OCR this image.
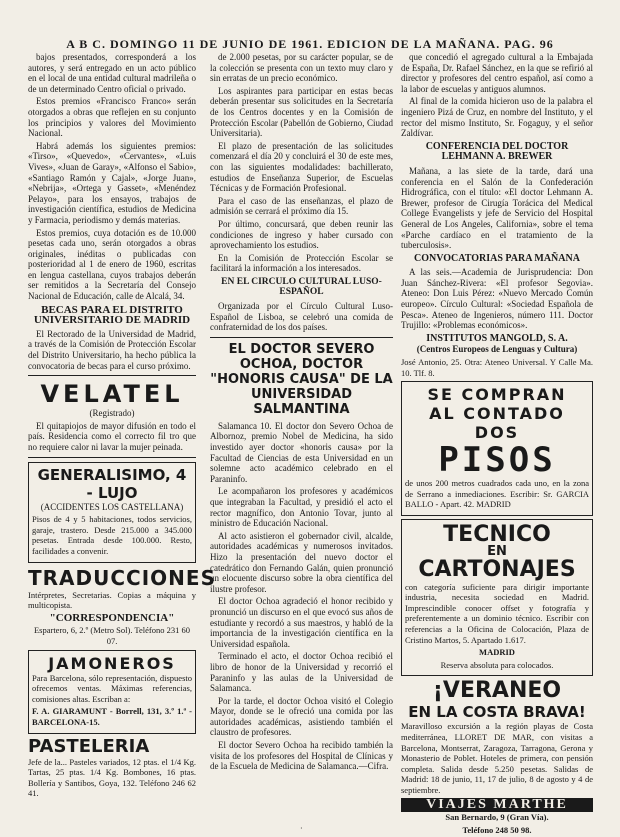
A B C. DOMINGO 11 DE JUNIO DE 1961. EDICION DE LA MAÑANA. PAG. 96

bajos presentados, corresponderá a los autores, y será entregado en un acto público en el local de una entidad cultural madrileña o de un determinado Centro oficial o privado.

Estos premios «Francisco Franco» serán otorgados a obras que reflejen en su conjunto los principios y valores del Movimiento Nacional.

Habrá además los siguientes premios: «Tirso», «Quevedo», «Cervantes», «Luis Vives», «Juan de Garay», «Alfonso el Sabio», «Santiago Ramón y Cajal», «Jorge Juan», «Nebrija», «Ortega y Gasset», «Menéndez Pelayo», para los ensayos, trabajos de investigación científica, estudios de Medicina y Farmacia, periodismo y demás materias.

Estos premios, cuya dotación es de 10.000 pesetas cada uno, serán otorgados a obras originales, inéditas o publicadas con posterioridad al 1 de enero de 1960, escritas en lengua castellana, cuyos trabajos deberán ser remitidos a la Secretaría del Consejo Nacional de Educación, calle de Alcalá, 34.

BECAS PARA EL DISTRITO UNIVERSITARIO DE MADRID

El Rectorado de la Universidad de Madrid, a través de la Comisión de Protección Escolar del Distrito Universitario, ha hecho pública la convocatoria de becas para el curso próximo.

VELATEL

(Registrado)

El quitapiojos de mayor difusión en todo el país. Residencia como el correcto fil tro que no requiere calor ni lavar la mujer peinada.

GENERALISIMO, 4 - LUJO

(ACCIDENTES LOS CASTELLANA)

Pisos de 4 y 5 habitaciones, todos servicios, garaje, trastero. Desde 215.000 a 345.000 pesetas. Entrada desde 100.000. Resto, facilidades a convenir.

TRADUCCIONES

Intérpretes, Secretarias. Copias a máquina y multicopista.

"CORRESPONDENCIA"

Espartero, 6, 2.º (Metro Sol). Teléfono 231 60 07.

JAMONEROS

Para Barcelona, sólo representación, dispuesto ofrecemos ventas. Máximas referencias, comisiones altas. Escriban a:

F. A. GIARAMUNT - Borrell, 131, 3.º 1.ª - BARCELONA-15.

PASTELERIA

Jefe de la... Pasteles variados, 12 ptas. el 1/4 Kg. Tartas, 25 ptas. 1/4 Kg. Bombones, 16 ptas. Bollería y Santibos, Goya, 132. Teléfono 246 62 41.

de 2.000 pesetas, por su carácter popular, se de la colección se presenta con un texto muy claro y sin erratas de un precio económico.

Los aspirantes para participar en estas becas deberán presentar sus solicitudes en la Secretaría de los Centros docentes y en la Comisión de Protección Escolar (Pabellón de Gobierno, Ciudad Universitaria).

El plazo de presentación de las solicitudes comenzará el día 20 y concluirá el 30 de este mes, con las siguientes modalidades: bachillerato, estudios de Enseñanza Superior, de Escuelas Técnicas y de Formación Profesional.

Para el caso de las enseñanzas, el plazo de admisión se cerrará el próximo día 15.

Por último, concursará, que deben reunir las condiciones de ingreso y haber cursado con aprovechamiento los estudios.

En la Comisión de Protección Escolar se facilitará la información a los interesados.

EN EL CIRCULO CULTURAL LUSO-ESPAÑOL

Organizada por el Círculo Cultural Luso-Español de Lisboa, se celebró una comida de confraternidad de los dos países.

EL DOCTOR SEVERO OCHOA, DOCTOR "HONORIS CAUSA" DE LA UNIVERSIDAD SALMANTINA

Salamanca 10. El doctor don Severo Ochoa de Albornoz, premio Nobel de Medicina, ha sido investido ayer doctor «honoris causa» por la Facultad de Ciencias de esta Universidad en un solemne acto académico celebrado en el Paraninfo.

Le acompañaron los profesores y académicos que integraban la Facultad, y presidió el acto el rector magnífico, don Antonio Tovar, junto al ministro de Educación Nacional.

Al acto asistieron el gobernador civil, alcalde, autoridades académicas y numerosos invitados. Hizo la presentación del nuevo doctor el catedrático don Fernando Galán, quien pronunció un elocuente discurso sobre la obra científica del ilustre profesor.

El doctor Ochoa agradeció el honor recibido y pronunció un discurso en el que evocó sus años de estudiante y recordó a sus maestros, y habló de la importancia de la investigación científica en la Universidad española.

Terminado el acto, el doctor Ochoa recibió el libro de honor de la Universidad y recorrió el Paraninfo y las aulas de la Universidad de Salamanca.

Por la tarde, el doctor Ochoa visitó el Colegio Mayor, donde se le ofreció una comida por las autoridades académicas, asistiendo también el claustro de profesores.

El doctor Severo Ochoa ha recibido también la visita de los profesores del Hospital de Clínicas y de la Escuela de Medicina de Salamanca.—Cifra.

que concedió el agregado cultural a la Embajada de España, Dr. Rafael Sánchez, en la que se refirió al director y profesores del centro español, así como a la labor de escuelas y antiguos alumnos.

Al final de la comida hicieron uso de la palabra el ingeniero Pizá de Cruz, en nombre del Instituto, y el rector del mismo Instituto, Sr. Fogaguy, y el señor Zaldívar.

CONFERENCIA DEL DOCTOR LEHMANN A. BREWER

Mañana, a las siete de la tarde, dará una conferencia en el Salón de la Confederación Hidrográfica, con el título: «El doctor Lehmann A. Brewer, profesor de Cirugía Torácica del Medical College Evangelists y jefe de Servicio del Hospital General de Los Angeles, California», sobre el tema «Parche cardíaco en el tratamiento de la tuberculosis».

CONVOCATORIAS PARA MAÑANA

A las seis.—Academia de Jurisprudencia: Don Juan Sánchez-Rivera: «El profesor Segovia». Ateneo: Don Luis Pérez: «Nuevo Mercado Común europeo». Círculo Cultural: «Sociedad Española de Pesca». Ateneo de Ingenieros, número 111. Doctor Trujillo: «Problemas económicos».

INSTITUTOS MANGOLD, S. A.

(Centros Europeos de Lenguas y Cultura)

José Antonio, 25. Otra: Ateneo Universal. Y Calle Ma. 10. Tlf. 8.

SE COMPRAN
AL CONTADO DOS
PISOS

de unos 200 metros cuadrados cada uno, en la zona de Serrano a inmediaciones. Escribir: Sr. GARCIA BALLO - Apart. 42. MADRID

TECNICO
EN
CARTONAJES

con categoría suficiente para dirigir importante industria, necesita sociedad en Madrid. Imprescindible conocer offset y fotografía y preferentemente a un dominio técnico. Escribir con referencias a la Oficina de Colocación, Plaza de Cristino Martos, 5. Apartado 1.617.

MADRID

Reserva absoluta para colocados.

¡VERANEO
EN LA COSTA BRAVA!

Maravilloso excursión a la región playas de Costa mediterránea, LLORET DE MAR, con visitas a Barcelona, Montserrat, Zaragoza, Tarragona, Gerona y Monasterio de Poblet. Hoteles de primera, con pensión completa. Salida desde 5.250 pesetas. Salidas de Madrid: 18 de junio, 11, 17 de julio, 8 de agosto y 4 de septiembre.

VIAJES MARTHE

San Bernardo, 9 (Gran Vía).

Teléfono 248 50 98.

·
